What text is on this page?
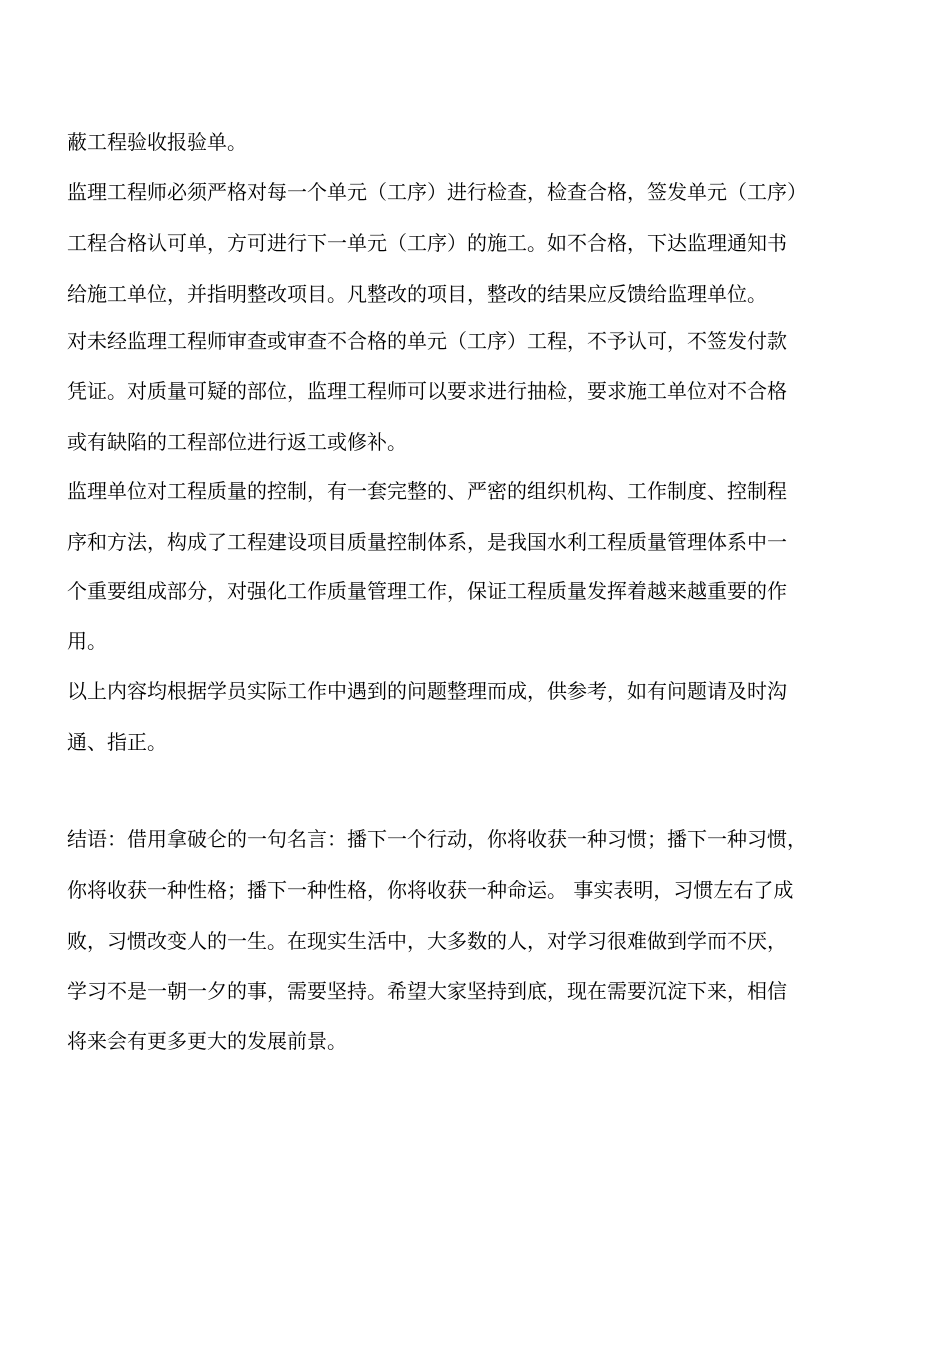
蔽工程验收报验单。
监理工程师必须严格对每一个单元（工序）进行检查，检查合格，签发单元（工序）
工程合格认可单，方可进行下一单元（工序）的施工。如不合格，下达监理通知书
给施工单位，并指明整改项目。凡整改的项目，整改的结果应反馈给监理单位。
对未经监理工程师审查或审查不合格的单元（工序）工程，不予认可，不签发付款
凭证。对质量可疑的部位，监理工程师可以要求进行抽检，要求施工单位对不合格
或有缺陷的工程部位进行返工或修补。
监理单位对工程质量的控制，有一套完整的、严密的组织机构、工作制度、控制程
序和方法，构成了工程建设项目质量控制体系，是我国水利工程质量管理体系中一
个重要组成部分，对强化工作质量管理工作，保证工程质量发挥着越来越重要的作
用。
以上内容均根据学员实际工作中遇到的问题整理而成，供参考，如有问题请及时沟
通、指正。
结语：借用拿破仑的一句名言：播下一个行动，你将收获一种习惯；播下一种习惯，
你将收获一种性格；播下一种性格，你将收获一种命运。 事实表明，习惯左右了成
败，习惯改变人的一生。在现实生活中，大多数的人，对学习很难做到学而不厌，
学习不是一朝一夕的事，需要坚持。希望大家坚持到底，现在需要沉淀下来，相信
将来会有更多更大的发展前景。
